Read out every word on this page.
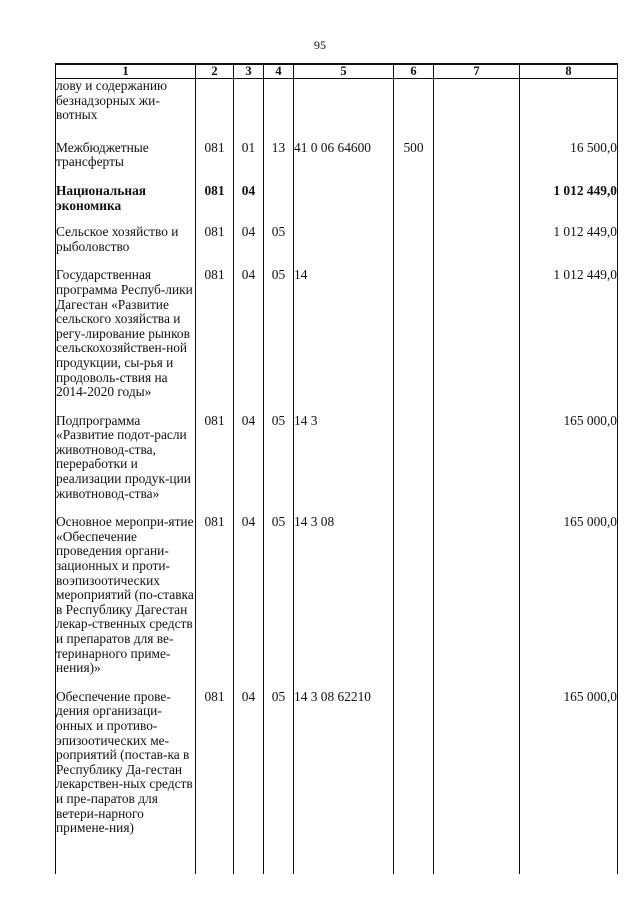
95
1	2	3	4	5	6	7	8
лову и содержанию безнадзорных жи-вотных							
Межбюджетные трансферты	081	01	13	41 0 06 64600	500		16 500,0
Национальная экономика	081	04					1 012 449,0
Сельское хозяйство и рыболовство	081	04	05				1 012 449,0
Государственная программа Респуб-лики Дагестан «Развитие сельского хозяйства и регу-лирование рынков сельскохозяйствен-ной продукции, сы-рья и продоволь-ствия на 2014-2020 годы»	081	04	05	14			1 012 449,0
Подпрограмма «Развитие подот-расли животновод-ства, переработки и реализации продук-ции животновод-ства»	081	04	05	14 3			165 000,0
Основное меропри-ятие «Обеспечение проведения органи-зационных и проти-воэпизоотических мероприятий (по-ставка в Республику Дагестан лекар-ственных средств и препаратов для ве-теринарного приме-нения)»	081	04	05	14 3 08			165 000,0
Обеспечение прове-дения организаци-онных и противо-эпизоотических ме-роприятий (постав-ка в Республику Да-гестан лекарствен-ных средств и пре-паратов для ветери-нарного примене-ния)	081	04	05	14 3 08 62210			165 000,0
